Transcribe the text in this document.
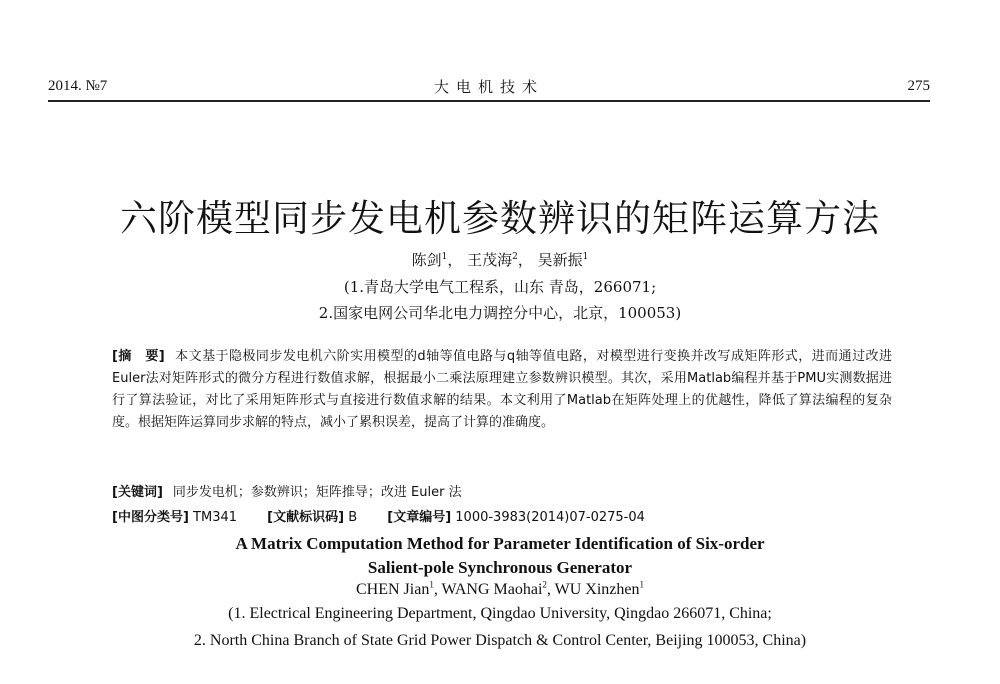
2014. №7	大电机技术	275
六阶模型同步发电机参数辨识的矩阵运算方法
陈剑$^1$， 王茂海$^2$， 吴新振$^1$
(1.青岛大学电气工程系，山东 青岛，266071;
2.国家电网公司华北电力调控分中心，北京，100053)
[摘　要] 本文基于隐极同步发电机六阶实用模型的d轴等值电路与q轴等值电路，对模型进行变换并改写成矩阵形式，进而通过改进Euler法对矩阵形式的微分方程进行数值求解，根据最小二乘法原理建立参数辨识模型。其次，采用Matlab编程并基于PMU实测数据进行了算法验证，对比了采用矩阵形式与直接进行数值求解的结果。本文利用了Matlab在矩阵处理上的优越性，降低了算法编程的复杂度。根据矩阵运算同步求解的特点，减小了累积误差，提高了计算的准确度。
[关键词] 同步发电机；参数辨识；矩阵推导；改进 Euler 法
[中图分类号] TM341 [文献标识码] B [文章编号] 1000-3983(2014)07-0275-04
A Matrix Computation Method for Parameter Identification of Six-order
Salient-pole Synchronous Generator
CHEN Jian$^1$, WANG Maohai$^2$, WU Xinzhen$^1$
(1. Electrical Engineering Department, Qingdao University, Qingdao 266071, China;
2. North China Branch of State Grid Power Dispatch & Control Center, Beijing 100053, China)
